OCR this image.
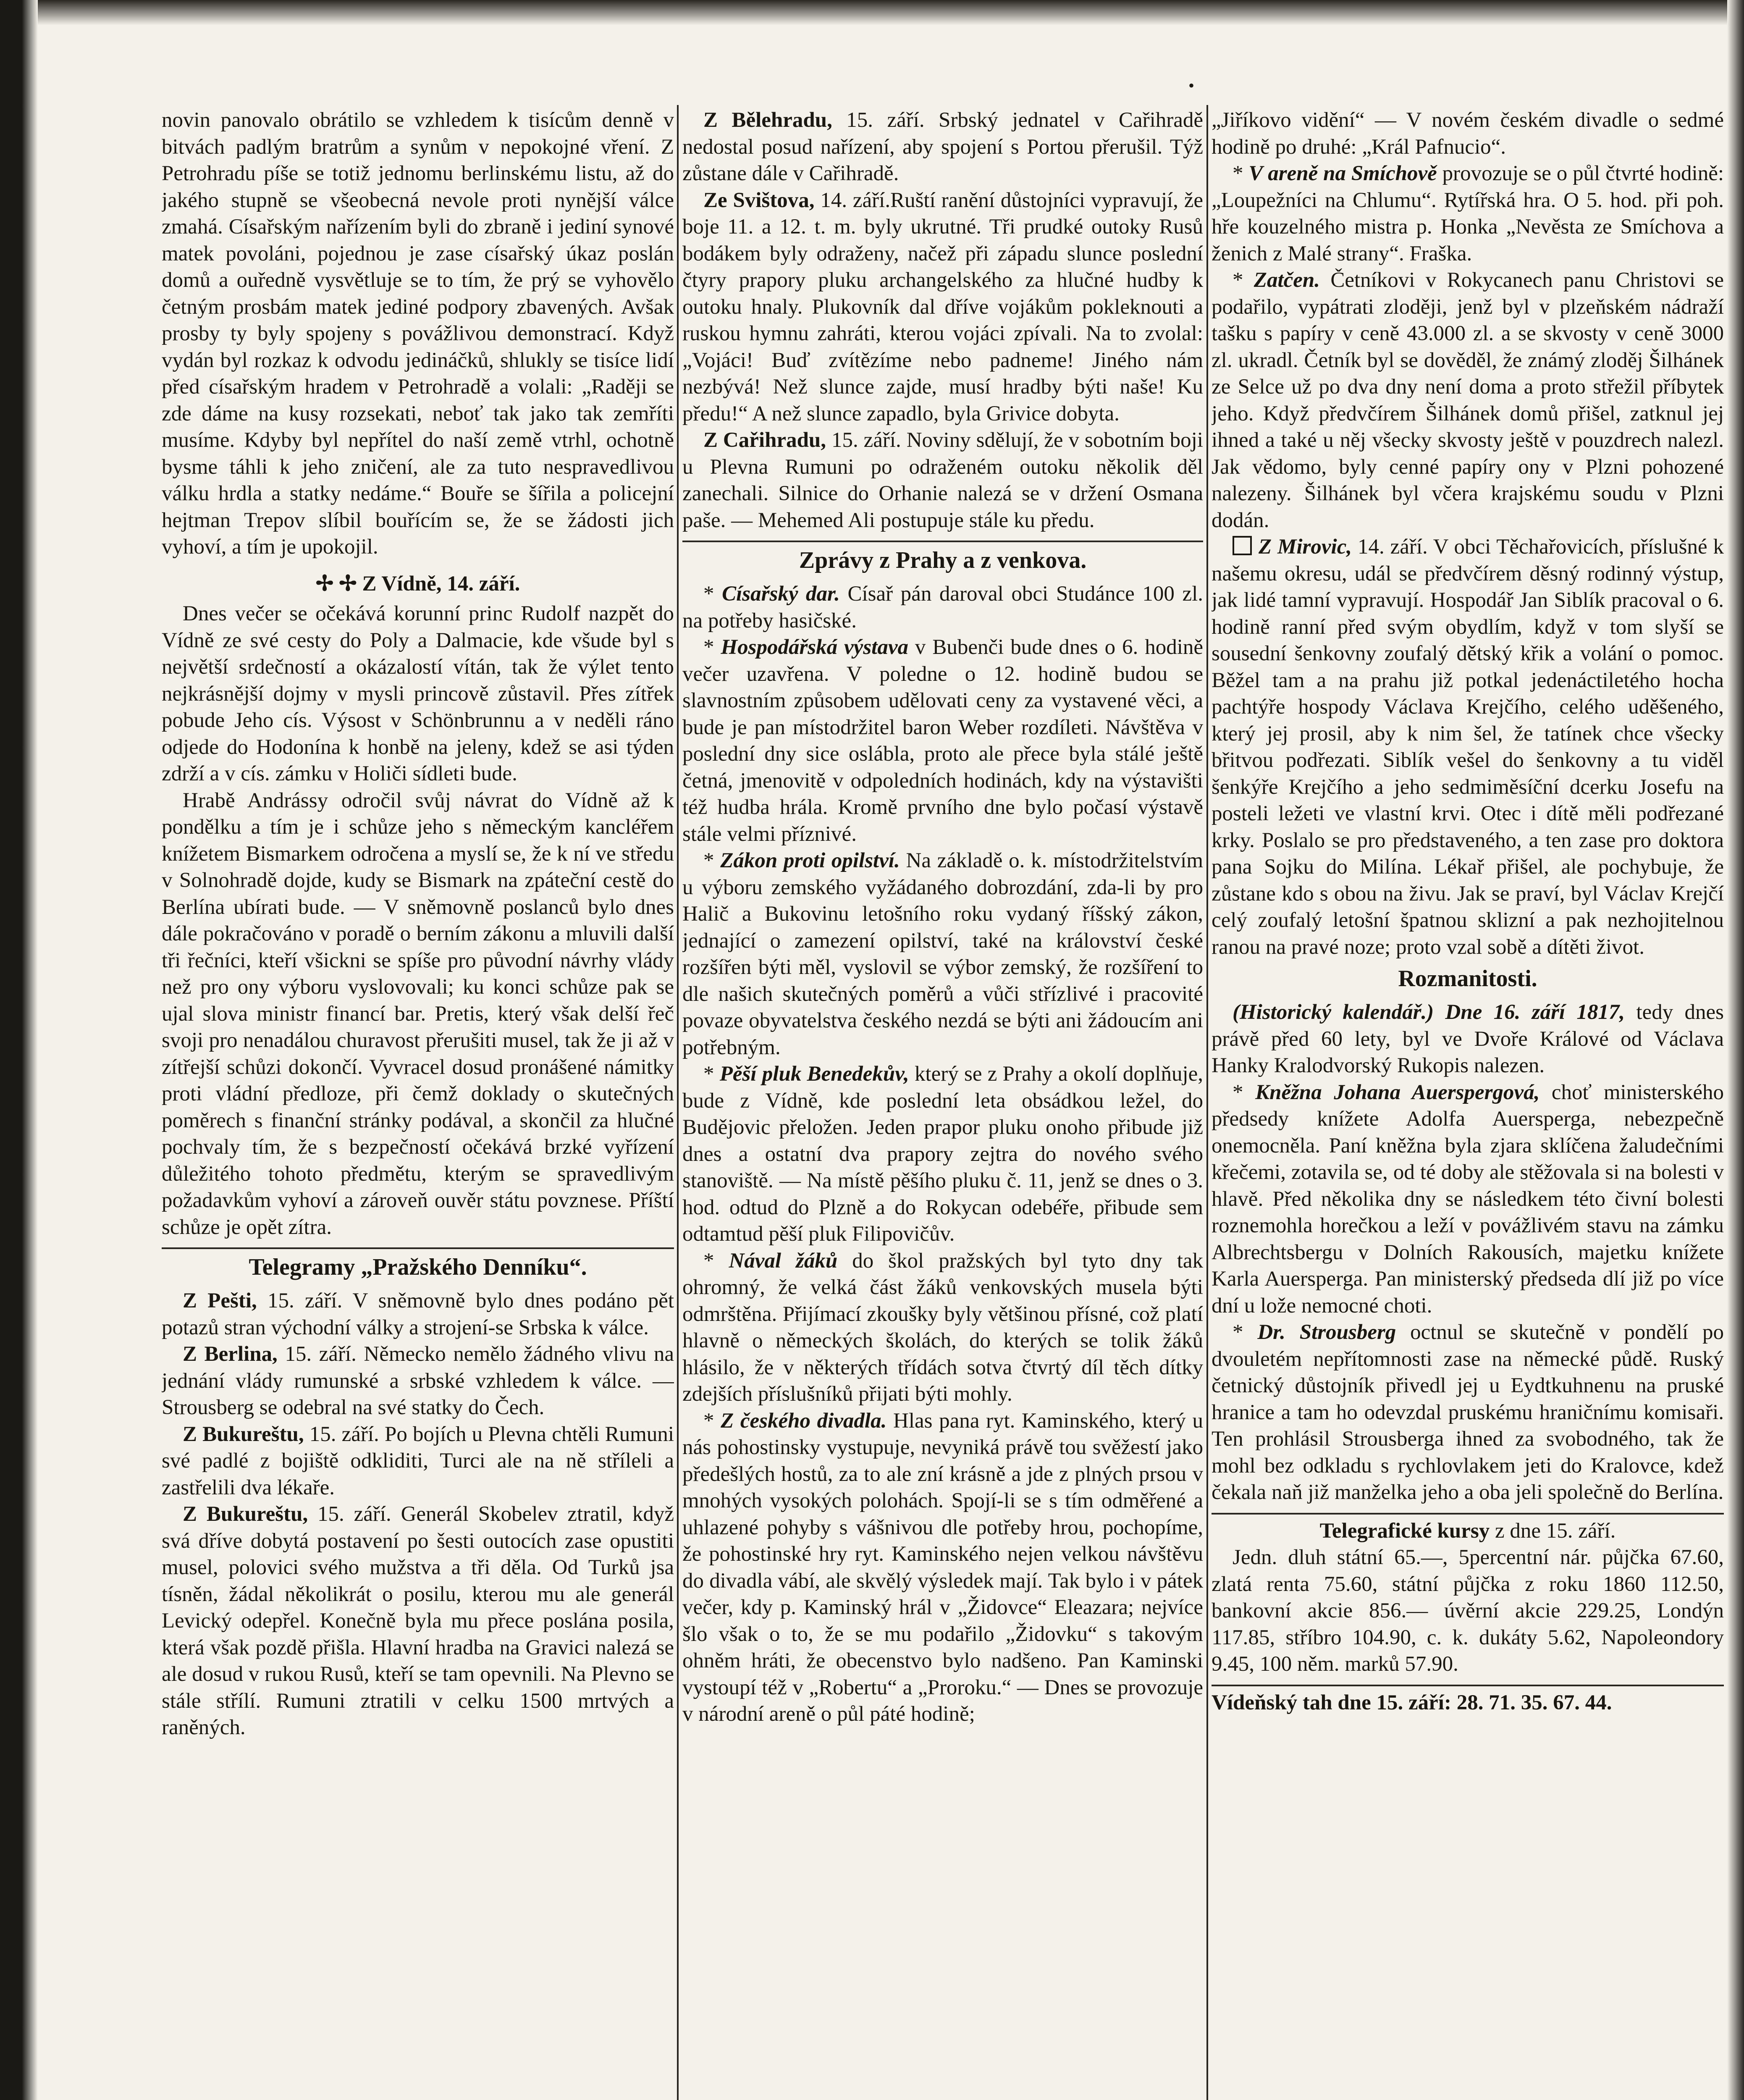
•

novin panovalo obrátilo se vzhledem k tisícům denně v bitvách padlým bratrům a synům v nepokojné vření. Z Petrohradu píše se totiž jednomu berlinskému listu, až do jakého stupně se všeobecná nevole proti nynější válce zmahá. Císařským nařízením byli do zbraně i jediní synové matek povoláni, pojednou je zase císařský úkaz poslán domů a ouředně vysvětluje se to tím, že prý se vyhovělo četným prosbám matek jediné podpory zbavených. Avšak prosby ty byly spojeny s povážlivou demonstrací. Když vydán byl rozkaz k odvodu jedináčků, shlukly se tisíce lidí před císařským hradem v Petrohradě a volali: „Raději se zde dáme na kusy rozsekati, neboť tak jako tak zemříti musíme. Kdyby byl nepřítel do naší země vtrhl, ochotně bysme táhli k jeho zničení, ale za tuto nespravedlivou válku hrdla a statky nedáme.“ Bouře se šířila a policejní hejtman Trepov slíbil bouřícím se, že se žádosti jich vyhoví, a tím je upokojil.

✢ ✢ Z Vídně, 14. září.

Dnes večer se očekává korunní princ Rudolf nazpět do Vídně ze své cesty do Poly a Dalmacie, kde všude byl s největší srdečností a okázalostí vítán, tak že výlet tento nejkrásnější dojmy v mysli princově zůstavil. Přes zítřek pobude Jeho cís. Výsost v Schönbrunnu a v neděli ráno odjede do Hodonína k honbě na jeleny, kdež se asi týden zdrží a v cís. zámku v Holiči sídleti bude.

Hrabě Andrássy odročil svůj návrat do Vídně až k pondělku a tím je i schůze jeho s německým kancléřem knížetem Bismarkem odročena a myslí se, že k ní ve středu v Solnohradě dojde, kudy se Bismark na zpáteční cestě do Berlína ubírati bude. — V sněmovně poslanců bylo dnes dále pokračováno v poradě o berním zákonu a mluvili další tři řečníci, kteří všickni se spíše pro původní návrhy vlády než pro ony výboru vyslovovali; ku konci schůze pak se ujal slova ministr financí bar. Pretis, který však delší řeč svoji pro nenadálou churavost přerušiti musel, tak že ji až v zítřejší schůzi dokončí. Vyvracel dosud pronášené námitky proti vládní předloze, při čemž doklady o skutečných poměrech s finanční stránky podával, a skončil za hlučné pochvaly tím, že s bezpečností očekává brzké vyřízení důležitého tohoto předmětu, kterým se spravedlivým požadavkům vyhoví a zároveň ouvěr státu povznese. Příští schůze je opět zítra.

Telegramy „Pražského Denníku“.

Z Pešti, 15. září. V sněmovně bylo dnes podáno pět potazů stran východní války a strojení-se Srbska k válce.

Z Berlina, 15. září. Německo nemělo žádného vlivu na jednání vlády rumunské a srbské vzhledem k válce. — Strousberg se odebral na své statky do Čech.

Z Bukureštu, 15. září. Po bojích u Plevna chtěli Rumuni své padlé z bojiště odkliditi, Turci ale na ně stříleli a zastřelili dva lékaře.

Z Bukureštu, 15. září. Generál Skobelev ztratil, když svá dříve dobytá postavení po šesti outocích zase opustiti musel, polovici svého mužstva a tři děla. Od Turků jsa tísněn, žádal několikrát o posilu, kterou mu ale generál Levický odepřel. Konečně byla mu přece poslána posila, která však pozdě přišla. Hlavní hradba na Gravici nalezá se ale dosud v rukou Rusů, kteří se tam opevnili. Na Plevno se stále střílí. Rumuni ztratili v celku 1500 mrtvých a raněných.

Z Bělehradu, 15. září. Srbský jednatel v Cařihradě nedostal posud nařízení, aby spojení s Portou přerušil. Týž zůstane dále v Cařihradě.

Ze Svištova, 14. září.Ruští ranění důstojníci vypravují, že boje 11. a 12. t. m. byly ukrutné. Tři prudké outoky Rusů bodákem byly odraženy, načež při západu slunce poslední čtyry prapory pluku archangelského za hlučné hudby k outoku hnaly. Plukovník dal dříve vojákům pokleknouti a ruskou hymnu zahráti, kterou vojáci zpívali. Na to zvolal: „Vojáci! Buď zvítězíme nebo padneme! Jiného nám nezbývá! Než slunce zajde, musí hradby býti naše! Ku předu!“ A než slunce zapadlo, byla Grivice dobyta.

Z Cařihradu, 15. září. Noviny sdělují, že v sobotním boji u Plevna Rumuni po odraženém outoku několik děl zanechali. Silnice do Orhanie nalezá se v držení Osmana paše. — Mehemed Ali postupuje stále ku předu.

Zprávy z Prahy a z venkova.

* Císařský dar. Císař pán daroval obci Studánce 100 zl. na potřeby hasičské.

* Hospodářská výstava v Bubenči bude dnes o 6. hodině večer uzavřena. V poledne o 12. hodině budou se slavnostním způsobem udělovati ceny za vystavené věci, a bude je pan místodržitel baron Weber rozdíleti. Návštěva v poslední dny sice oslábla, proto ale přece byla stálé ještě četná, jmenovitě v odpoledních hodinách, kdy na výstavišti též hudba hrála. Kromě prvního dne bylo počasí výstavě stále velmi příznivé.

* Zákon proti opilství. Na základě o. k. místodržitelstvím u výboru zemského vyžádaného dobrozdání, zda-li by pro Halič a Bukovinu letošního roku vydaný říšský zákon, jednající o zamezení opilství, také na království české rozšířen býti měl, vyslovil se výbor zemský, že rozšíření to dle našich skutečných poměrů a vůči střízlivé i pracovité povaze obyvatelstva českého nezdá se býti ani žádoucím ani potřebným.

* Pěší pluk Benedekův, který se z Prahy a okolí doplňuje, bude z Vídně, kde poslední leta obsádkou ležel, do Budějovic přeložen. Jeden prapor pluku onoho přibude již dnes a ostatní dva prapory zejtra do nového svého stanoviště. — Na místě pěšího pluku č. 11, jenž se dnes o 3. hod. odtud do Plzně a do Rokycan odebéře, přibude sem odtamtud pěší pluk Filipovičův.

* Nával žáků do škol pražských byl tyto dny tak ohromný, že velká část žáků venkovských musela býti odmrštěna. Přijímací zkoušky byly většinou přísné, což platí hlavně o německých školách, do kterých se tolik žáků hlásilo, že v některých třídách sotva čtvrtý díl těch dítky zdejších příslušníků přijati býti mohly.

* Z českého divadla. Hlas pana ryt. Kaminského, který u nás pohostinsky vystupuje, nevyniká právě tou svěžestí jako předešlých hostů, za to ale zní krásně a jde z plných prsou v mnohých vysokých polohách. Spojí-li se s tím odměřené a uhlazené pohyby s vášnivou dle potřeby hrou, pochopíme, že pohostinské hry ryt. Kaminského nejen velkou návštěvu do divadla vábí, ale skvělý výsledek mají. Tak bylo i v pátek večer, kdy p. Kaminský hrál v „Židovce“ Eleazara; nejvíce šlo však o to, že se mu podařilo „Židovku“ s takovým ohněm hráti, že obecenstvo bylo nadšeno. Pan Kaminski vystoupí též v „Robertu“ a „Proroku.“ — Dnes se provozuje v národní areně o půl páté hodině;

„Jiříkovo vidění“ — V novém českém divadle o sedmé hodině po druhé: „Král Pafnucio“.

* V areně na Smíchově provozuje se o půl čtvrté hodině: „Loupežníci na Chlumu“. Rytířská hra. O 5. hod. při poh. hře kouzelného mistra p. Honka „Nevěsta ze Smíchova a ženich z Malé strany“. Fraška.

* Zatčen. Četníkovi v Rokycanech panu Christovi se podařilo, vypátrati zloději, jenž byl v plzeňském nádraží tašku s papíry v ceně 43.000 zl. a se skvosty v ceně 3000 zl. ukradl. Četník byl se dověděl, že známý zloděj Šilhánek ze Selce už po dva dny není doma a proto střežil příbytek jeho. Když předvčírem Šilhánek domů přišel, zatknul jej ihned a také u něj všecky skvosty ještě v pouzdrech nalezl. Jak vědomo, byly cenné papíry ony v Plzni pohozené nalezeny. Šilhánek byl včera krajskému soudu v Plzni dodán.

Z Mirovic, 14. září. V obci Těchařovicích, příslušné k našemu okresu, udál se předvčírem děsný rodinný výstup, jak lidé tamní vypravují. Hospodář Jan Siblík pracoval o 6. hodině ranní před svým obydlím, když v tom slyší se sousední šenkovny zoufalý dětský křik a volání o pomoc. Běžel tam a na prahu již potkal jedenáctiletého hocha pachtýře hospody Václava Krejčího, celého uděšeného, který jej prosil, aby k nim šel, že tatínek chce všecky břitvou podřezati. Siblík vešel do šenkovny a tu viděl šenkýře Krejčího a jeho sedmiměsíční dcerku Josefu na posteli ležeti ve vlastní krvi. Otec i dítě měli podřezané krky. Poslalo se pro představeného, a ten zase pro doktora pana Sojku do Milína. Lékař přišel, ale pochybuje, že zůstane kdo s obou na živu. Jak se praví, byl Václav Krejčí celý zoufalý letošní špatnou sklizní a pak nezhojitelnou ranou na pravé noze; proto vzal sobě a dítěti život.

Rozmanitosti.

(Historický kalendář.) Dne 16. září 1817, tedy dnes právě před 60 lety, byl ve Dvoře Králové od Václava Hanky Kralodvorský Rukopis nalezen.

* Kněžna Johana Auerspergová, choť ministerského předsedy knížete Adolfa Auersperga, nebezpečně onemocněla. Paní kněžna byla zjara sklíčena žaludečními křečemi, zotavila se, od té doby ale stěžovala si na bolesti v hlavě. Před několika dny se následkem této čivní bolesti roznemohla horečkou a leží v povážlivém stavu na zámku Albrechtsbergu v Dolních Rakousích, majetku knížete Karla Auersperga. Pan ministerský předseda dlí již po více dní u lože nemocné choti.

* Dr. Strousberg octnul se skutečně v pondělí po dvouletém nepřítomnosti zase na německé půdě. Ruský četnický důstojník přivedl jej u Eydtkuhnenu na pruské hranice a tam ho odevzdal pruskému hraničnímu komisaři. Ten prohlásil Strousberga ihned za svobodného, tak že mohl bez odkladu s rychlovlakem jeti do Kralovce, kdež čekala naň již manželka jeho a oba jeli společně do Berlína.

Telegrafické kursy z dne 15. září.

Jedn. dluh státní 65.—, 5percentní nár. půjčka 67.60, zlatá renta 75.60, státní půjčka z roku 1860 112.50, bankovní akcie 856.— úvěrní akcie 229.25, Londýn 117.85, stříbro 104.90, c. k. dukáty 5.62, Napoleondory 9.45, 100 něm. marků 57.90.

Vídeňský tah dne 15. září: 28. 71. 35. 67. 44.
